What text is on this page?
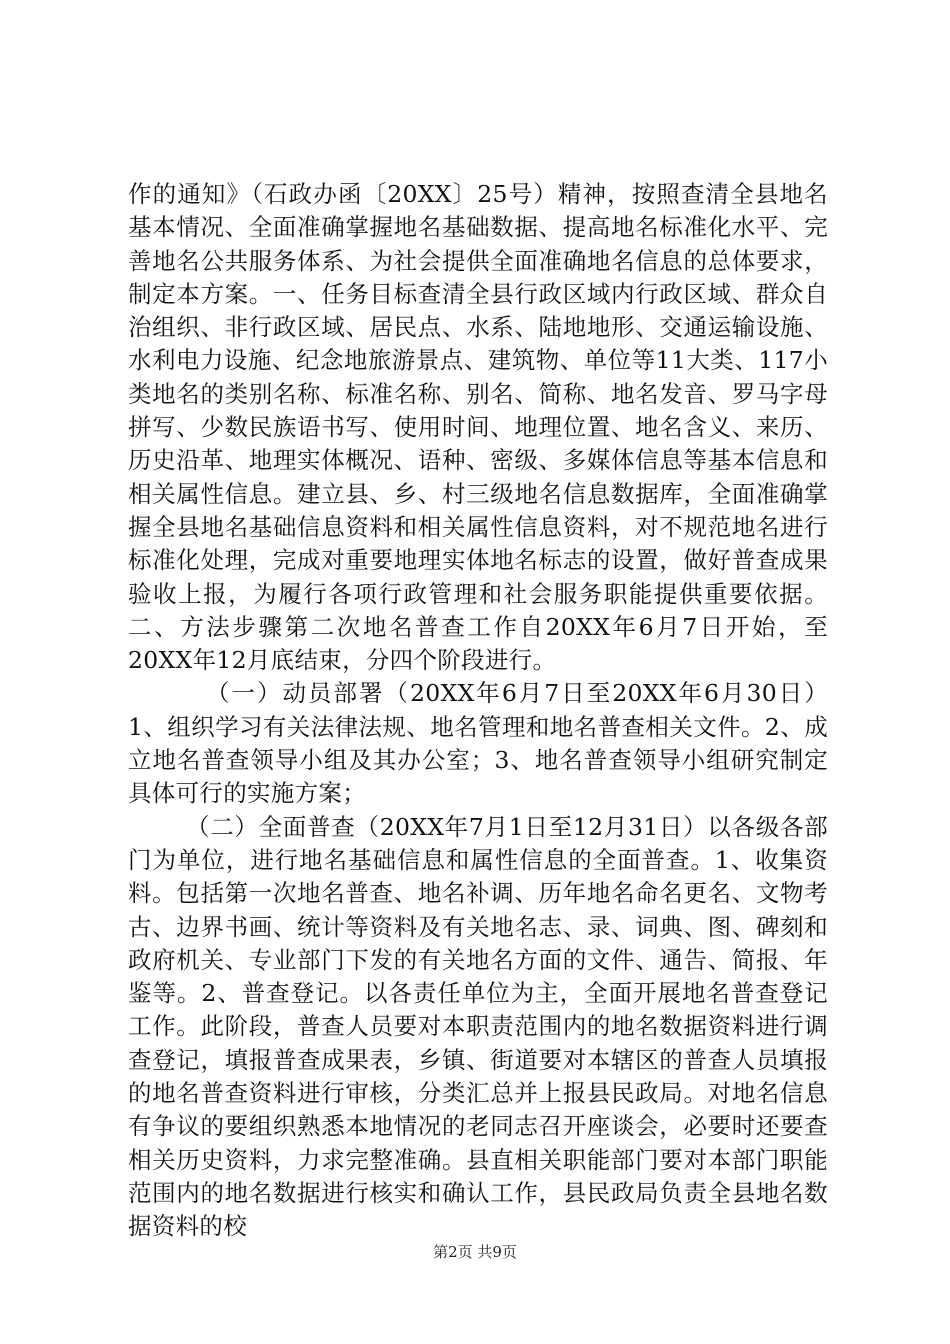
作的通知》（石政办函〔20XX〕25号）精神，按照查清全县地名基本情况、全面准确掌握地名基础数据、提高地名标准化水平、完善地名公共服务体系、为社会提供全面准确地名信息的总体要求，制定本方案。一、任务目标查清全县行政区域内行政区域、群众自治组织、非行政区域、居民点、水系、陆地地形、交通运输设施、水利电力设施、纪念地旅游景点、建筑物、单位等11大类、117小类地名的类别名称、标准名称、别名、简称、地名发音、罗马字母拼写、少数民族语书写、使用时间、地理位置、地名含义、来历、历史沿革、地理实体概况、语种、密级、多媒体信息等基本信息和相关属性信息。建立县、乡、村三级地名信息数据库，全面准确掌握全县地名基础信息资料和相关属性信息资料，对不规范地名进行标准化处理，完成对重要地理实体地名标志的设置，做好普查成果验收上报，为履行各项行政管理和社会服务职能提供重要依据。二、方法步骤第二次地名普查工作自20XX年6月7日开始，至20XX年12月底结束，分四个阶段进行。

（一）动员部署（20XX年6月7日至20XX年6月30日）1、组织学习有关法律法规、地名管理和地名普查相关文件。2、成立地名普查领导小组及其办公室；3、地名普查领导小组研究制定具体可行的实施方案；

（二）全面普查（20XX年7月1日至12月31日）以各级各部门为单位，进行地名基础信息和属性信息的全面普查。1、收集资料。包括第一次地名普查、地名补调、历年地名命名更名、文物考古、边界书画、统计等资料及有关地名志、录、词典、图、碑刻和政府机关、专业部门下发的有关地名方面的文件、通告、简报、年鉴等。2、普查登记。以各责任单位为主，全面开展地名普查登记工作。此阶段，普查人员要对本职责范围内的地名数据资料进行调查登记，填报普查成果表，乡镇、街道要对本辖区的普查人员填报的地名普查资料进行审核，分类汇总并上报县民政局。对地名信息有争议的要组织熟悉本地情况的老同志召开座谈会，必要时还要查相关历史资料，力求完整准确。县直相关职能部门要对本部门职能范围内的地名数据进行核实和确认工作，县民政局负责全县地名数据资料的校

第2页 共9页
